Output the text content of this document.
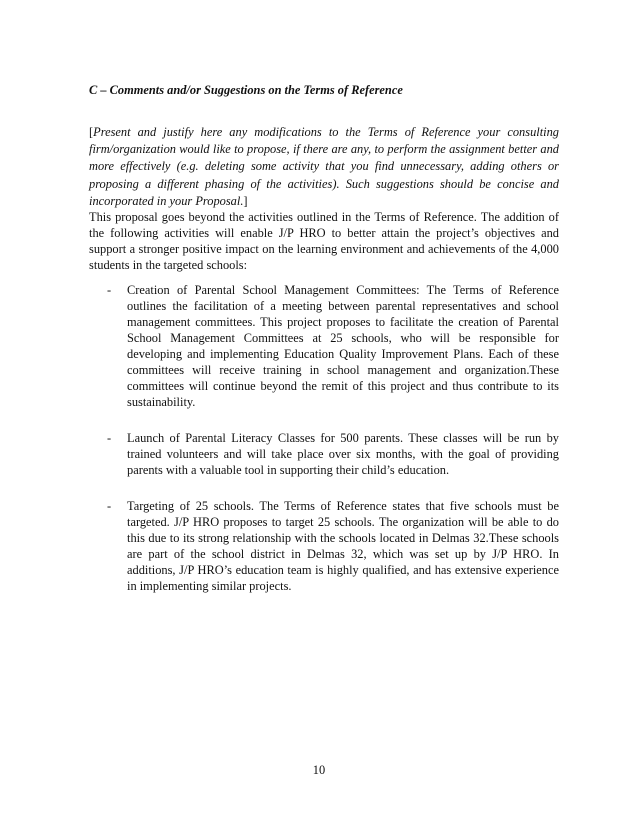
C – Comments and/or Suggestions on the Terms of Reference

[Present and justify here any modifications to the Terms of Reference your consulting firm/organization would like to propose, if there are any, to perform the assignment better and more effectively (e.g. deleting some activity that you find unnecessary, adding others or proposing a different phasing of the activities). Such suggestions should be concise and incorporated in your Proposal.]

This proposal goes beyond the activities outlined in the Terms of Reference. The addition of the following activities will enable J/P HRO to better attain the project’s objectives and support a stronger positive impact on the learning environment and achievements of the 4,000 students in the targeted schools:

- Creation of Parental School Management Committees: The Terms of Reference outlines the facilitation of a meeting between parental representatives and school management committees. This project proposes to facilitate the creation of Parental School Management Committees at 25 schools, who will be responsible for developing and implementing Education Quality Improvement Plans. Each of these committees will receive training in school management and organization.These committees will continue beyond the remit of this project and thus contribute to its sustainability.
- Launch of Parental Literacy Classes for 500 parents. These classes will be run by trained volunteers and will take place over six months, with the goal of providing parents with a valuable tool in supporting their child’s education.
- Targeting of 25 schools. The Terms of Reference states that five schools must be targeted. J/P HRO proposes to target 25 schools. The organization will be able to do this due to its strong relationship with the schools located in Delmas 32.These schools are part of the school district in Delmas 32, which was set up by J/P HRO. In additions, J/P HRO’s education team is highly qualified, and has extensive experience in implementing similar projects.

10
